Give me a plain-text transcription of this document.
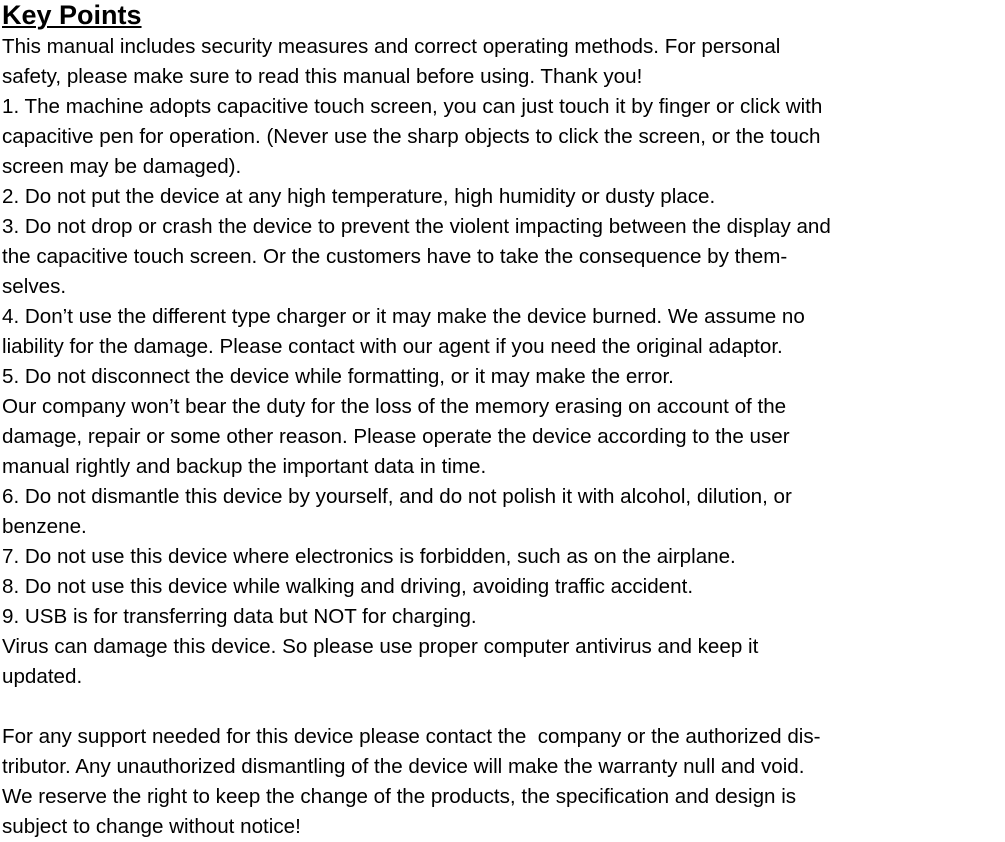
Key Points

This manual includes security measures and correct operating methods. For personal

safety, please make sure to read this manual before using. Thank you!

1. The machine adopts capacitive touch screen, you can just touch it by finger or click with

capacitive pen for operation. (Never use the sharp objects to click the screen, or the touch

screen may be damaged).

2. Do not put the device at any high temperature, high humidity or dusty place.

3. Do not drop or crash the device to prevent the violent impacting between the display and

the capacitive touch screen. Or the customers have to take the consequence by them-

selves.

4. Don’t use the different type charger or it may make the device burned. We assume no

liability for the damage. Please contact with our agent if you need the original adaptor.

5. Do not disconnect the device while formatting, or it may make the error.

Our company won’t bear the duty for the loss of the memory erasing on account of the

damage, repair or some other reason. Please operate the device according to the user

manual rightly and backup the important data in time.

6. Do not dismantle this device by yourself, and do not polish it with alcohol, dilution, or

benzene.

7. Do not use this device where electronics is forbidden, such as on the airplane.

8. Do not use this device while walking and driving, avoiding traffic accident.

9. USB is for transferring data but NOT for charging.

Virus can damage this device. So please use proper computer antivirus and keep it

updated.

For any support needed for this device please contact the  company or the authorized dis-

tributor. Any unauthorized dismantling of the device will make the warranty null and void.

We reserve the right to keep the change of the products, the specification and design is

subject to change without notice!
